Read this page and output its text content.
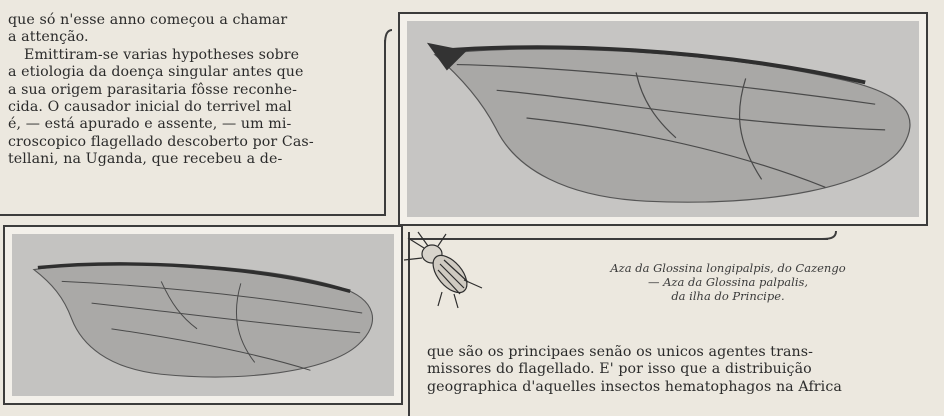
que só n'esse anno começou a chamar

a attenção.

Emittiram-se varias hypotheses sobre

a etiologia da doença singular antes que

a sua origem parasitaria fôsse reconhe-

cida. O causador inicial do terrivel mal

é, — está apurado e assente, — um mi-

croscopico flagellado descoberto por Cas-

tellani, na Uganda, que recebeu a de-

Aza da Glossina longipalpis, do Cazengo
— Aza da Glossina palpalis,
da ilha do Principe.

que são os principaes senão os unicos agentes trans-

missores do flagellado. E' por isso que a distribuição

geographica d'aquelles insectos hematophagos na Africa
